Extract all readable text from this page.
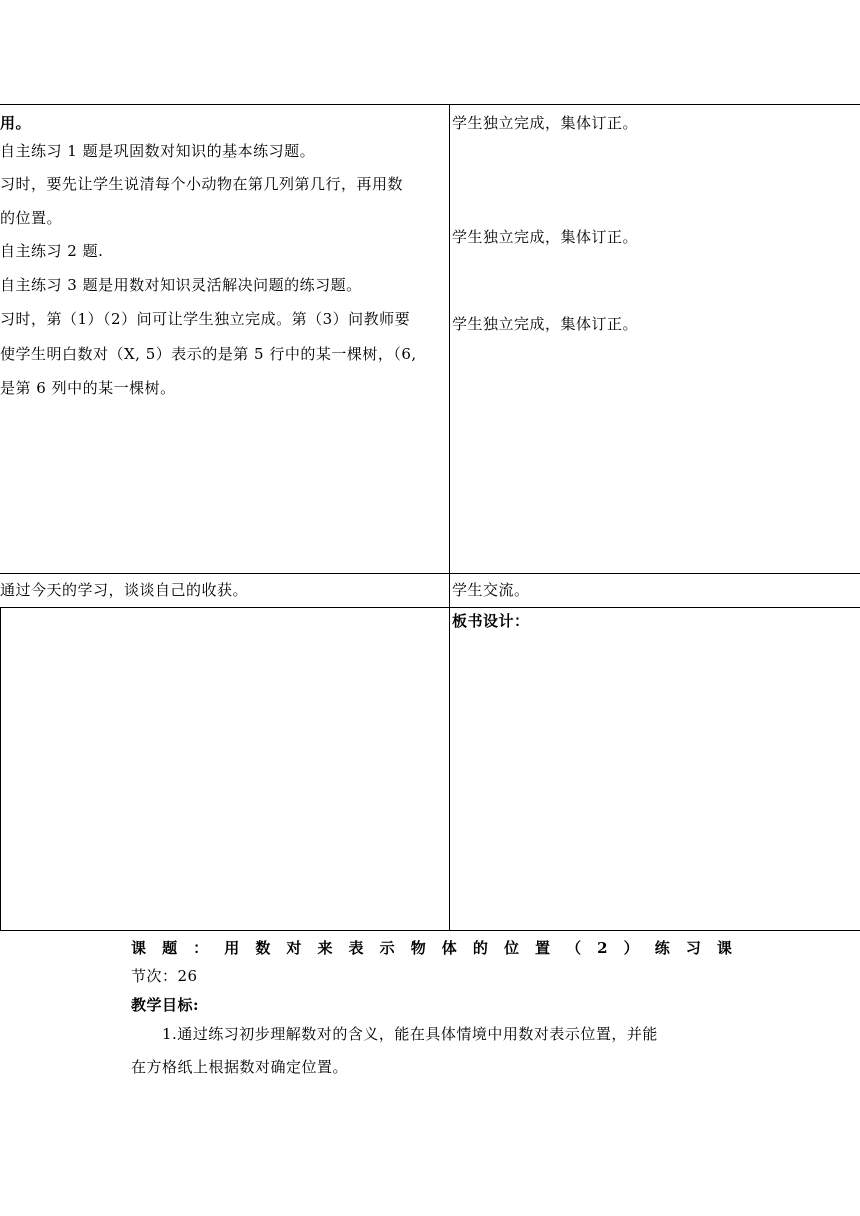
用。
自主练习 1 题是巩固数对知识的基本练习题。
习时，要先让学生说清每个小动物在第几列第几行，再用数
的位置。
自主练习 2 题.
自主练习 3 题是用数对知识灵活解决问题的练习题。
习时，第（1）（2）问可让学生独立完成。第（3）问教师要
使学生明白数对（X, 5）表示的是第 5 行中的某一棵树，（6,
是第 6 列中的某一棵树。
学生独立完成，集体订正。
学生独立完成，集体订正。
学生独立完成，集体订正。
通过今天的学习，谈谈自己的收获。	学生交流。
板书设计：
课 题 ： 用 数 对 来 表 示 物 体 的 位 置 （ 2 ） 练 习 课
节次：26
教学目标:
1.通过练习初步理解数对的含义，能在具体情境中用数对表示位置，并能
在方格纸上根据数对确定位置。
